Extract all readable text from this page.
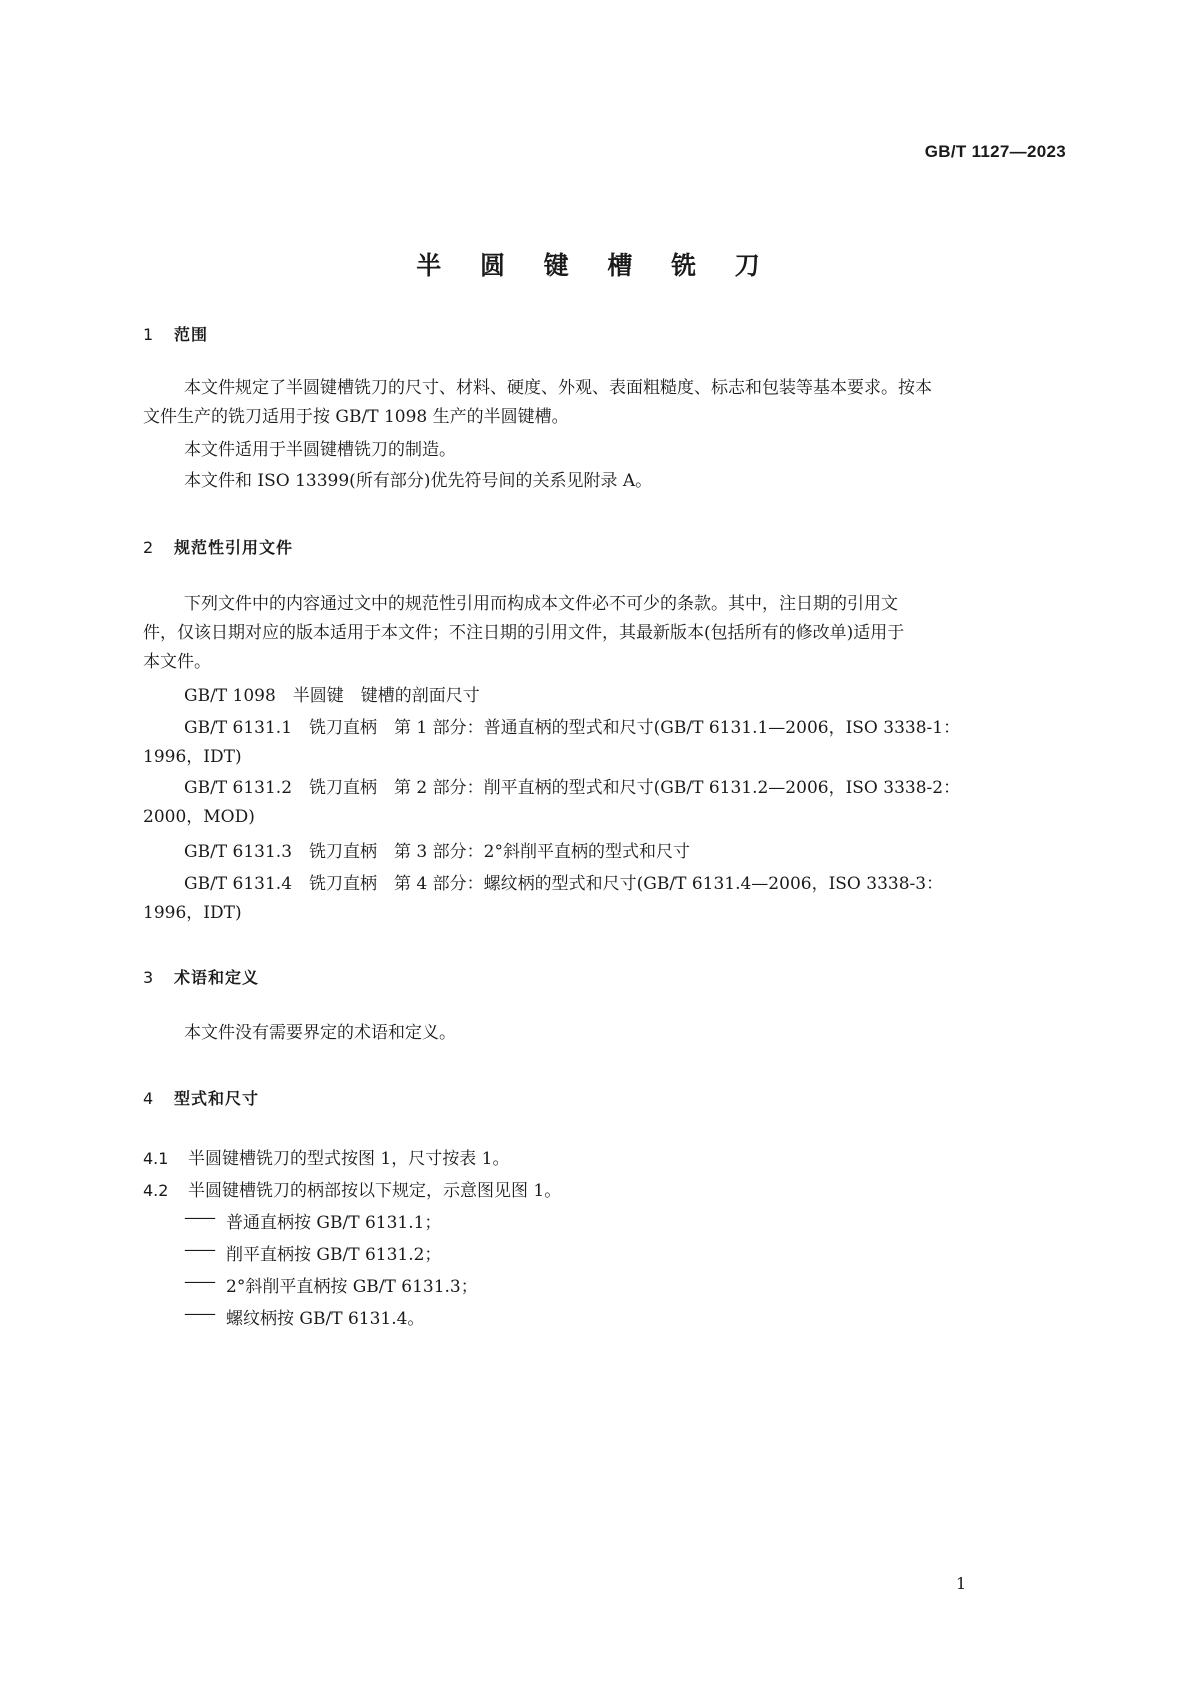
GB/T 1127—2023
半 圆 键 槽 铣 刀
1 范围
本文件规定了半圆键槽铣刀的尺寸、材料、硬度、外观、表面粗糙度、标志和包装等基本要求。按本
文件生产的铣刀适用于按 GB/T 1098 生产的半圆键槽。
本文件适用于半圆键槽铣刀的制造。
本文件和 ISO 13399(所有部分)优先符号间的关系见附录 A。
2 规范性引用文件
下列文件中的内容通过文中的规范性引用而构成本文件必不可少的条款。其中，注日期的引用文
件，仅该日期对应的版本适用于本文件；不注日期的引用文件，其最新版本(包括所有的修改单)适用于
本文件。
GB/T 1098　半圆键　键槽的剖面尺寸
GB/T 6131.1　铣刀直柄　第 1 部分：普通直柄的型式和尺寸(GB/T 6131.1—2006，ISO 3338-1：
1996，IDT)
GB/T 6131.2　铣刀直柄　第 2 部分：削平直柄的型式和尺寸(GB/T 6131.2—2006，ISO 3338-2：
2000，MOD)
GB/T 6131.3　铣刀直柄　第 3 部分：2°斜削平直柄的型式和尺寸
GB/T 6131.4　铣刀直柄　第 4 部分：螺纹柄的型式和尺寸(GB/T 6131.4—2006，ISO 3338-3：
1996，IDT)
3 术语和定义
本文件没有需要界定的术语和定义。
4 型式和尺寸
4.1 半圆键槽铣刀的型式按图 1，尺寸按表 1。
4.2 半圆键槽铣刀的柄部按以下规定，示意图见图 1。
—— 普通直柄按 GB/T 6131.1；
—— 削平直柄按 GB/T 6131.2；
—— 2°斜削平直柄按 GB/T 6131.3；
—— 螺纹柄按 GB/T 6131.4。
1
